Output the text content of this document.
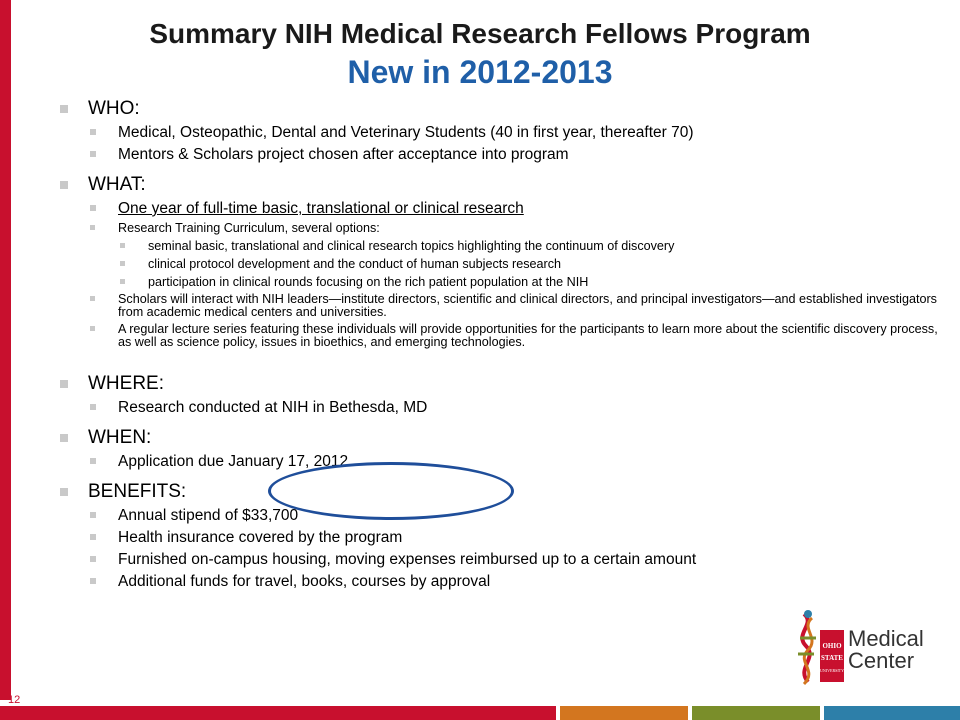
Summary NIH Medical Research Fellows Program
New in 2012-2013
WHO:
Medical, Osteopathic, Dental and Veterinary Students (40 in first year, thereafter 70)
Mentors & Scholars project chosen after acceptance into program
WHAT:
One year of full-time basic, translational or clinical research
Research Training Curriculum, several options:
seminal basic, translational and clinical research topics highlighting the continuum of discovery
clinical protocol development and the conduct of human subjects research
participation in clinical rounds focusing on the rich patient population at the NIH
Scholars will interact with NIH leaders—institute directors, scientific and clinical directors, and principal investigators—and established investigators from academic medical centers and universities.
A regular lecture series featuring these individuals will provide opportunities for the participants to learn more about the scientific discovery process, as well as science policy, issues in bioethics, and emerging technologies.
WHERE:
Research conducted at NIH in Bethesda, MD
WHEN:
Application due January 17, 2012
BENEFITS:
Annual stipend of $33,700
Health insurance covered by the program
Furnished on-campus housing, moving expenses reimbursed up to a certain amount
Additional funds for travel, books, courses by approval
OHIO
STATE
UNIVERSITY
Medical
Center
12
